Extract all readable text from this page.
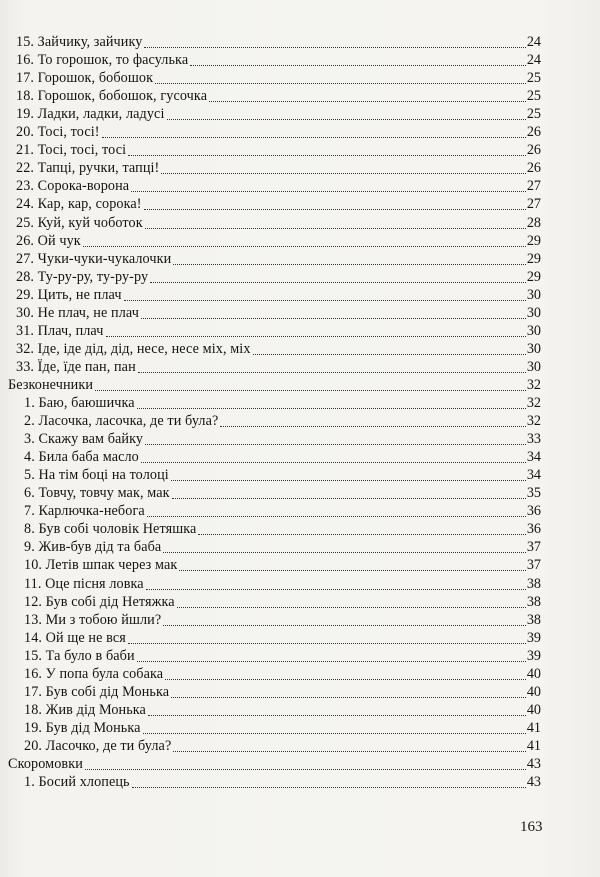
15. Зайчику, зайчику	24
16. То горошок, то фасулька	24
17. Горошок, бобошок	25
18. Горошок, бобошок, гусочка	25
19. Ладки, ладки, ладусі	25
20. Тосі, тосі!	26
21. Тосі, тосі, тосі	26
22. Тапці, ручки, тапці!	26
23. Сорока-ворона	27
24. Кар, кар, сорока!	27
25. Куй, куй чоботок	28
26. Ой чук	29
27. Чуки-чуки-чукалочки	29
28. Ту-ру-ру, ту-ру-ру	29
29. Цить, не плач	30
30. Не плач, не плач	30
31. Плач, плач	30
32. Іде, іде дід, дід, несе, несе міх, міх	30
33. Їде, їде пан, пан	30
Безконечники	32
1. Баю, баюшичка	32
2. Ласочка, ласочка, де ти була?	32
3. Скажу вам байку	33
4. Била баба масло	34
5. На тім боці на толоці	34
6. Товчу, товчу мак, мак	35
7. Карлючка-небога	36
8. Був собі чоловік Нетяшка	36
9. Жив-був дід та баба	37
10. Летів шпак через мак	37
11. Оце пісня ловка	38
12. Був собі дід Нетяжка	38
13. Ми з тобою йшли?	38
14. Ой ще не вся	39
15. Та було в баби	39
16. У попа була собака	40
17. Був собі дід Монька	40
18. Жив дід Монька	40
19. Був дід Монька	41
20. Ласочко, де ти була?	41
Скоромовки	43
1. Босий хлопець	43
163
